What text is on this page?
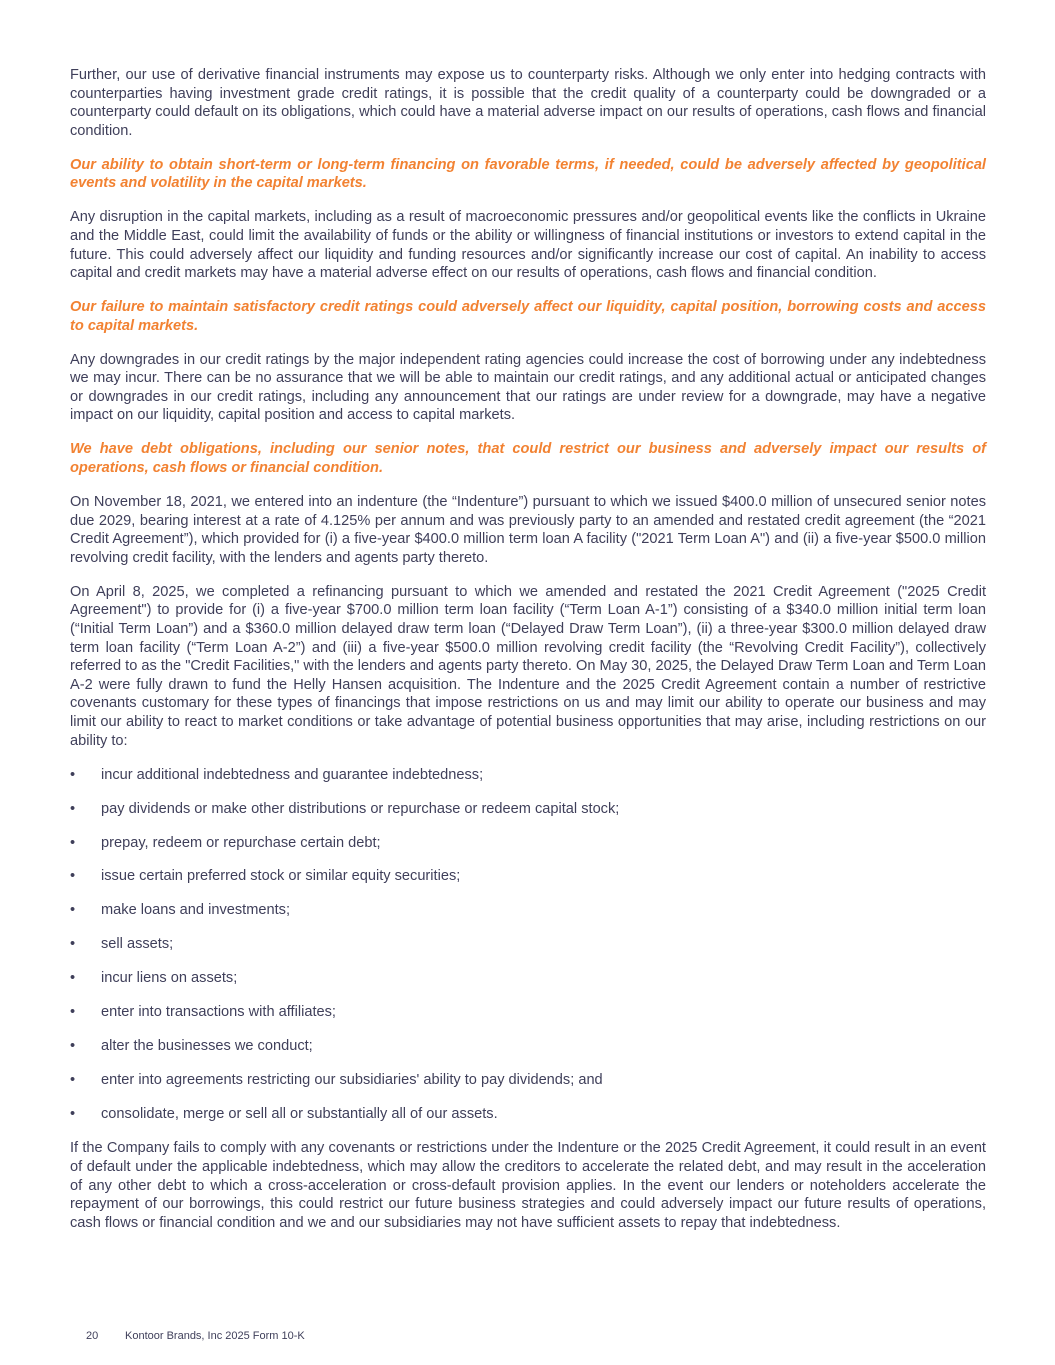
Further, our use of derivative financial instruments may expose us to counterparty risks. Although we only enter into hedging contracts with counterparties having investment grade credit ratings, it is possible that the credit quality of a counterparty could be downgraded or a counterparty could default on its obligations, which could have a material adverse impact on our results of operations, cash flows and financial condition.

Our ability to obtain short-term or long-term financing on favorable terms, if needed, could be adversely affected by geopolitical events and volatility in the capital markets.

Any disruption in the capital markets, including as a result of macroeconomic pressures and/or geopolitical events like the conflicts in Ukraine and the Middle East, could limit the availability of funds or the ability or willingness of financial institutions or investors to extend capital in the future. This could adversely affect our liquidity and funding resources and/or significantly increase our cost of capital. An inability to access capital and credit markets may have a material adverse effect on our results of operations, cash flows and financial condition.

Our failure to maintain satisfactory credit ratings could adversely affect our liquidity, capital position, borrowing costs and access to capital markets.

Any downgrades in our credit ratings by the major independent rating agencies could increase the cost of borrowing under any indebtedness we may incur. There can be no assurance that we will be able to maintain our credit ratings, and any additional actual or anticipated changes or downgrades in our credit ratings, including any announcement that our ratings are under review for a downgrade, may have a negative impact on our liquidity, capital position and access to capital markets.

We have debt obligations, including our senior notes, that could restrict our business and adversely impact our results of operations, cash flows or financial condition.

On November 18, 2021, we entered into an indenture (the “Indenture”) pursuant to which we issued $400.0 million of unsecured senior notes due 2029, bearing interest at a rate of 4.125% per annum and was previously party to an amended and restated credit agreement (the “2021 Credit Agreement”), which provided for (i) a five-year $400.0 million term loan A facility ("2021 Term Loan A") and (ii) a five-year $500.0 million revolving credit facility, with the lenders and agents party thereto.

On April 8, 2025, we completed a refinancing pursuant to which we amended and restated the 2021 Credit Agreement ("2025 Credit Agreement") to provide for (i) a five-year $700.0 million term loan facility (“Term Loan A-1”) consisting of a $340.0 million initial term loan (“Initial Term Loan”) and a $360.0 million delayed draw term loan (“Delayed Draw Term Loan”), (ii) a three-year $300.0 million delayed draw term loan facility (“Term Loan A-2”) and (iii) a five-year $500.0 million revolving credit facility (the “Revolving Credit Facility”), collectively referred to as the "Credit Facilities," with the lenders and agents party thereto. On May 30, 2025, the Delayed Draw Term Loan and Term Loan A-2 were fully drawn to fund the Helly Hansen acquisition. The Indenture and the 2025 Credit Agreement contain a number of restrictive covenants customary for these types of financings that impose restrictions on us and may limit our ability to operate our business and may limit our ability to react to market conditions or take advantage of potential business opportunities that may arise, including restrictions on our ability to:

• incur additional indebtedness and guarantee indebtedness;
• pay dividends or make other distributions or repurchase or redeem capital stock;
• prepay, redeem or repurchase certain debt;
• issue certain preferred stock or similar equity securities;
• make loans and investments;
• sell assets;
• incur liens on assets;
• enter into transactions with affiliates;
• alter the businesses we conduct;
• enter into agreements restricting our subsidiaries' ability to pay dividends; and
• consolidate, merge or sell all or substantially all of our assets.

If the Company fails to comply with any covenants or restrictions under the Indenture or the 2025 Credit Agreement, it could result in an event of default under the applicable indebtedness, which may allow the creditors to accelerate the related debt, and may result in the acceleration of any other debt to which a cross-acceleration or cross-default provision applies. In the event our lenders or noteholders accelerate the repayment of our borrowings, this could restrict our future business strategies and could adversely impact our future results of operations, cash flows or financial condition and we and our subsidiaries may not have sufficient assets to repay that indebtedness.

20 Kontoor Brands, Inc 2025 Form 10-K
